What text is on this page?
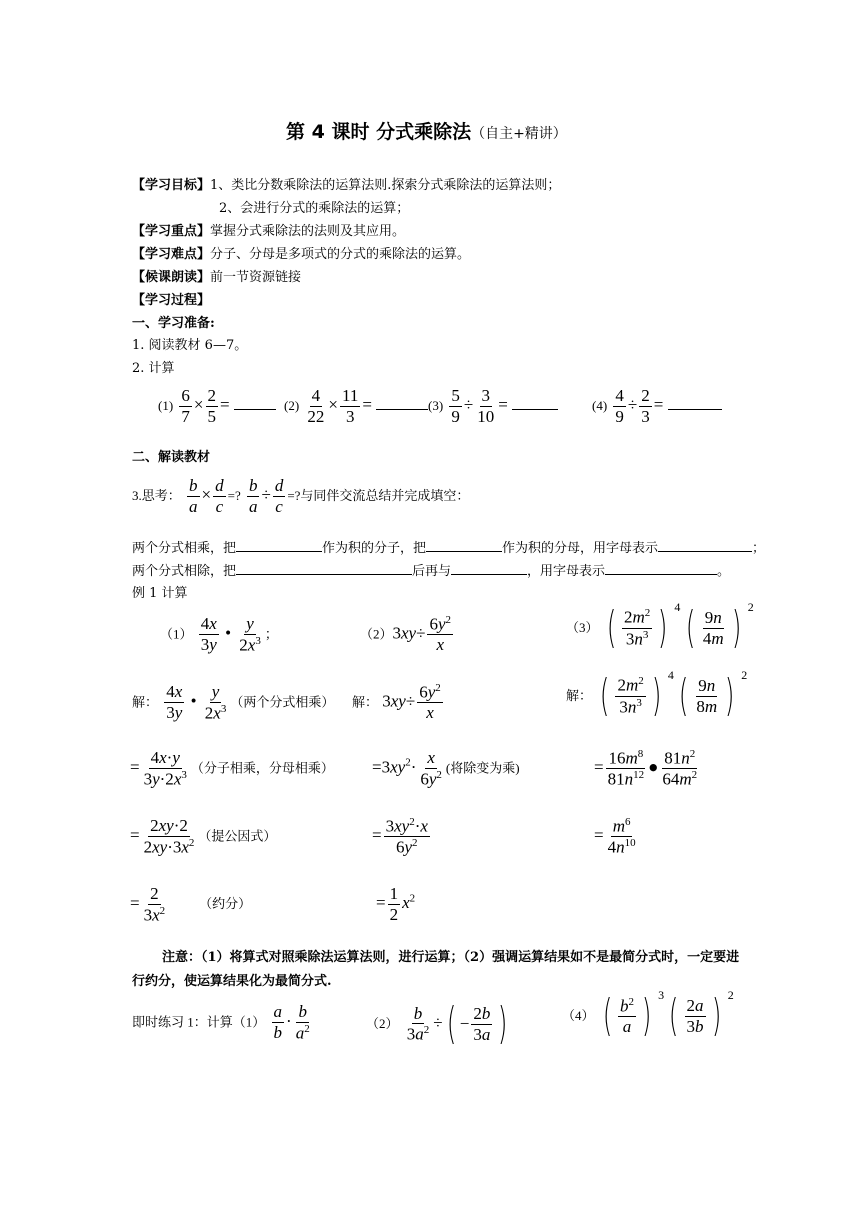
第 4 课时 分式乘除法（自主+精讲）
【学习目标】1、类比分数乘除法的运算法则.探索分式乘除法的运算法则；
2、会进行分式的乘除法的运算；
【学习重点】掌握分式乘除法的法则及其应用。
【学习难点】分子、分母是多项式的分式的乘除法的运算。
【候课朗读】前一节资源链接
【学习过程】
一、学习准备:
1. 阅读教材 6—7。
2. 计算
$(1) \frac{6}{7} \times \frac{2}{5}$ =	$(2) \frac{4}{22} \times \frac{11}{3}$ =	$(3) \frac{5}{9} \div \frac{3}{10}$ =	$(4) \frac{4}{9} \div \frac{2}{3}$ =
二、解读教材
3.思考： $\frac{b}{a} \times \frac{d}{c}$ =? $\frac{b}{a} \div \frac{d}{c}$ =?与同伴交流总结并完成填空：
两个分式相乘，把	作为积的分子，把	作为积的分母，用字母表示	；
两个分式相除，把	后再与	，用字母表示	。
例 1 计算
$(1) \frac{4x}{3y}$ • $\frac{y}{2x^3}$ ；	$(2)3xy\div \frac{6y^2}{x}$	（3） ( $\frac{2m^2}{3n^3}$ ) 4
( $\frac{9n}{4m}$ ) 2
解： $\frac{4x}{3y}$ • $\frac{y}{2x^3}$ （两个分式相乘） 解： $3xy\div \frac{6y^2}{x}$	解： ( $\frac{2m^2}{3n^3}$ ) 4
( $\frac{9n}{8m}$ ) 2
= $\frac{4x\cdot y}{3y\cdot 2x^3}$ （分子相乘，分母相乘） $=3xy^2\cdot \frac{x}{6y^2}$ (将除变为乘)	= $\frac{16m^8}{81n^{12}}$ ● $\frac{81n^2}{64m^2}$
= $\frac{2xy\cdot 2}{2xy\cdot 3x^2}$ （提公因式）	= $\frac{3xy^2\cdot x}{6y^2}$	= $\frac{m^6}{4n^{10}}$
= $\frac{2}{3x^2}$ （约分）	= $\frac{1}{2} x^2$
注意：（1）将算式对照乘除法运算法则，进行运算；（2）强调运算结果如不是最简分式时，一定要进
行约分，使运算结果化为最简分式.
即时练习 1：计算$(1) \frac{a}{b} \cdot \frac{b}{a^2}$	$(2) \frac{b}{3a^2}$ ÷ ( − $\frac{2b}{3a}$ )	（4） ( $\frac{b^2}{a}$ ) 3
( $\frac{2a}{3b}$ ) 2
